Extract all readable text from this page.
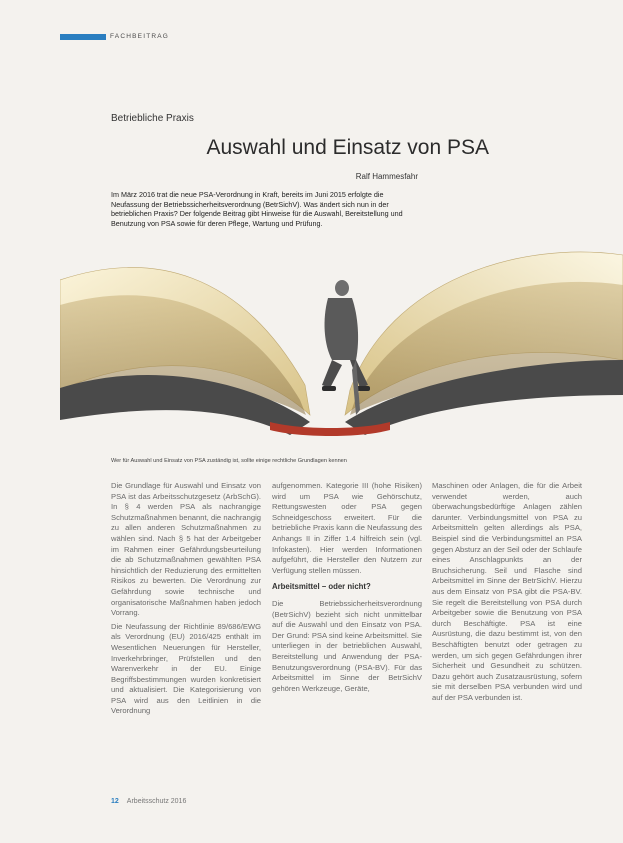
FACHBEITRAG
Betriebliche Praxis
Auswahl und Einsatz von PSA
Ralf Hammesfahr
Im März 2016 trat die neue PSA-Verordnung in Kraft, bereits im Juni 2015 erfolgte die Neufassung der Betriebssicherheitsverordnung (BetrSichV). Was ändert sich nun in der betrieblichen Praxis? Der folgende Beitrag gibt Hinweise für die Auswahl, Bereitstellung und Benutzung von PSA sowie für deren Pflege, Wartung und Prüfung.
Wer für Auswahl und Einsatz von PSA zuständig ist, sollte einige rechtliche Grundlagen kennen

Die Grundlage für Auswahl und Einsatz von PSA ist das Arbeitsschutzgesetz (ArbSchG). In § 4 werden PSA als nachrangige Schutzmaßnahmen benannt, die nachrangig zu allen anderen Schutzmaßnahmen zu wählen sind. Nach § 5 hat der Arbeitgeber im Rahmen einer Gefährdungsbeurteilung die ab Schutzmaßnahmen gewählten PSA hinsichtlich der Reduzierung des ermittelten Risikos zu bewerten. Die Verordnung zur Gefährdung sowie technische und organisatorische Maßnahmen haben jedoch Vorrang.

Die Neufassung der Richtlinie 89/686/EWG als Verordnung (EU) 2016/425 enthält im Wesentlichen Neuerungen für Hersteller, Inverkehrbringer, Prüfstellen und den Warenverkehr in der EU. Einige Begriffsbestimmungen wurden konkretisiert und aktualisiert. Die Kategorisierung von PSA wird aus den Leitlinien in die Verordnung

aufgenommen. Kategorie III (hohe Risiken) wird um PSA wie Gehörschutz, Rettungswesten oder PSA gegen Schneidgeschoss erweitert. Für die betriebliche Praxis kann die Neufassung des Anhangs II in Ziffer 1.4 hilfreich sein (vgl. Infokasten). Hier werden Informationen aufgeführt, die Hersteller den Nutzern zur Verfügung stellen müssen.

Arbeitsmittel – oder nicht?

Die Betriebssicherheitsverordnung (BetrSichV) bezieht sich nicht unmittelbar auf die Auswahl und den Einsatz von PSA. Der Grund: PSA sind keine Arbeitsmittel. Sie unterliegen in der betrieblichen Auswahl, Bereitstellung und Anwendung der PSA-Benutzungsverordnung (PSA-BV). Für das Arbeitsmittel im Sinne der BetrSichV gehören Werkzeuge, Geräte,

Maschinen oder Anlagen, die für die Arbeit verwendet werden, auch überwachungsbedürftige Anlagen zählen darunter. Verbindungsmittel von PSA zu Arbeitsmitteln gelten allerdings als PSA, Beispiel sind die Verbindungsmittel an PSA gegen Absturz an der Seil oder der Schlaufe eines Anschlagpunkts an der Bruchsicherung. Seil und Flasche sind Arbeitsmittel im Sinne der BetrSichV. Hierzu aus dem Einsatz von PSA gibt die PSA-BV. Sie regelt die Bereitstellung von PSA durch Arbeitgeber sowie die Benutzung von PSA durch Beschäftigte. PSA ist eine Ausrüstung, die dazu bestimmt ist, von den Beschäftigten benutzt oder getragen zu werden, um sich gegen Gefährdungen ihrer Sicherheit und Gesundheit zu schützen. Dazu gehört auch Zusatzausrüstung, sofern sie mit derselben PSA verbunden wird und auf der PSA verbunden ist.

12 Arbeitsschutz 2016
